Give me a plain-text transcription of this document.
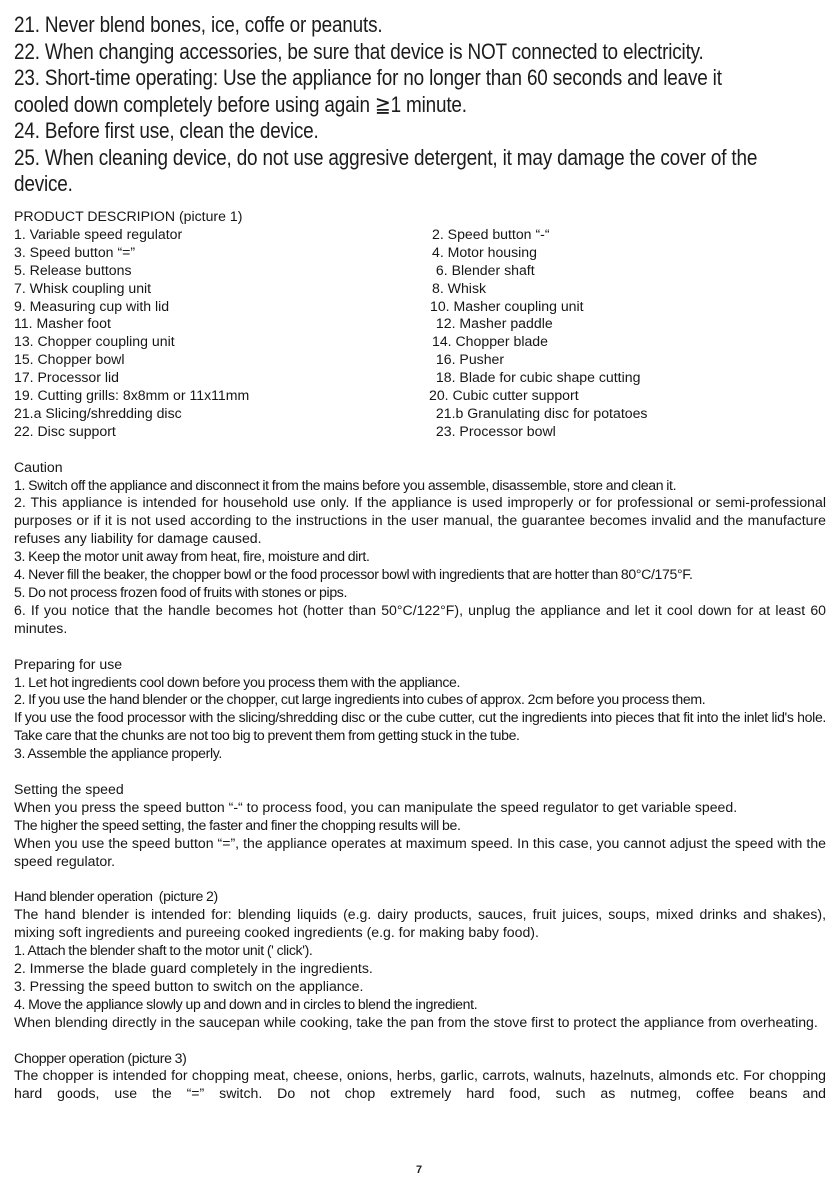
21. Never blend bones, ice, coffe or peanuts.

22. When changing accessories, be sure that device is NOT connected to electricity.

23. Short-time operating: Use the appliance for no longer than 60 seconds and leave it cooled down completely before using again ≧1 minute.

24. Before first use, clean the device.

25. When cleaning device, do not use aggresive detergent, it may damage the cover of the device.

PRODUCT DESCRIPION (picture 1)

1. Variable speed regulator	2. Speed button “-“

3. Speed button “=”	4. Motor housing

5. Release buttons	6. Blender shaft

7. Whisk coupling unit	8. Whisk

9. Measuring cup with lid	10. Masher coupling unit

11. Masher foot	12. Masher paddle

13. Chopper coupling unit	14. Chopper blade

15. Chopper bowl	16. Pusher

17. Processor lid	18. Blade for cubic shape cutting

19. Cutting grills: 8x8mm or 11x11mm	20. Cubic cutter support

21.a Slicing/shredding disc	21.b Granulating disc for potatoes

22. Disc support	23. Processor bowl

Caution

1. Switch off the appliance and disconnect it from the mains before you assemble, disassemble, store and clean it.

2. This appliance is intended for household use only. If the appliance is used improperly or for professional or semi-professional purposes or if it is not used according to the instructions in the user manual, the guarantee becomes invalid and the manufacture refuses any liability for damage caused.

3. Keep the motor unit away from heat, fire, moisture and dirt.

4. Never fill the beaker, the chopper bowl or the food processor bowl with ingredients that are hotter than 80°C/175°F.

5. Do not process frozen food of fruits with stones or pips.

6. If you notice that the handle becomes hot (hotter than 50°C/122°F), unplug the appliance and let it cool down for at least 60 minutes.

Preparing for use

1. Let hot ingredients cool down before you process them with the appliance.

2. If you use the hand blender or the chopper, cut large ingredients into cubes of approx. 2cm before you process them.

If you use the food processor with the slicing/shredding disc or the cube cutter, cut the ingredients into pieces that fit into the inlet lid's hole. Take care that the chunks are not too big to prevent them from getting stuck in the tube.

3. Assemble the appliance properly.

Setting the speed

When you press the speed button “-“ to process food, you can manipulate the speed regulator to get variable speed.

The higher the speed setting, the faster and finer the chopping results will be.

When you use the speed button “=”, the appliance operates at maximum speed. In this case, you cannot adjust the speed with the speed regulator.

Hand blender operation  (picture 2)

The hand blender is intended for: blending liquids (e.g. dairy products, sauces, fruit juices, soups, mixed drinks and shakes), mixing soft ingredients and pureeing cooked ingredients (e.g. for making baby food).

1. Attach the blender shaft to the motor unit (' click').

2. Immerse the blade guard completely in the ingredients.

3. Pressing the speed button to switch on the appliance.

4. Move the appliance slowly up and down and in circles to blend the ingredient.

When blending directly in the saucepan while cooking, take the pan from the stove first to protect the appliance from overheating.

Chopper operation (picture 3)

The chopper is intended for chopping meat, cheese, onions, herbs, garlic, carrots, walnuts, hazelnuts, almonds etc. For chopping hard goods, use the “=” switch. Do not chop extremely hard food, such as nutmeg, coffee beans and

7
